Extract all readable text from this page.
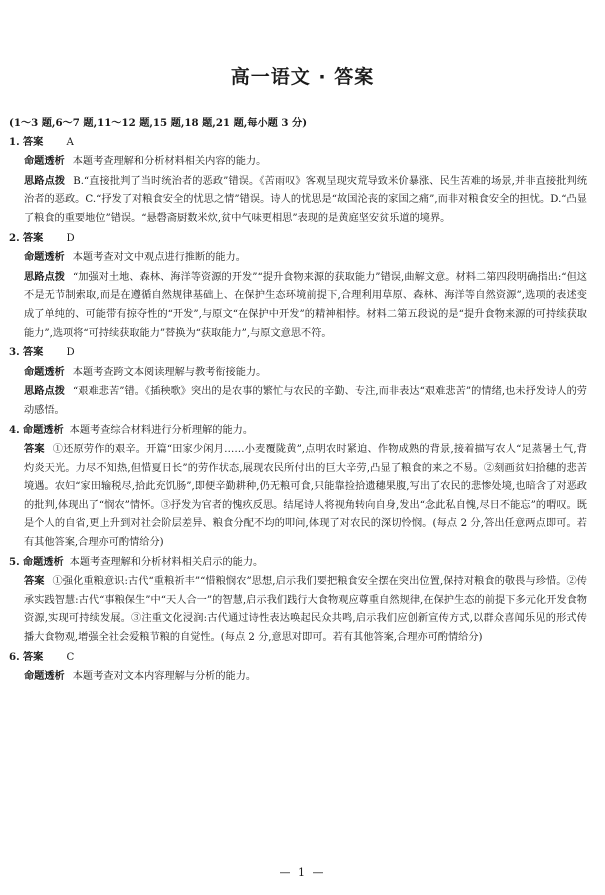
高一语文 · 答案

(1～3 题,6～7 题,11～12 题,15 题,18 题,21 题,每小题 3 分)

1. 答案 A

命题透析 本题考查理解和分析材料相关内容的能力。

思路点拨 B.“直接批判了当时统治者的恶政”错误。《苦雨叹》客观呈现灾荒导致米价暴涨、民生苦难的场景,并非直接批判统治者的恶政。C.“抒发了对粮食安全的忧思之情”错误。诗人的忧思是“故国沦丧的家国之痛”,而非对粮食安全的担忧。D.“凸显了粮食的重要地位”错误。“悬磬斋厨数米炊,贫中气味更相思”表现的是黄庭坚安贫乐道的境界。

2. 答案 D

命题透析 本题考查对文中观点进行推断的能力。

思路点拨 “加强对土地、森林、海洋等资源的开发”“提升食物来源的获取能力”错误,曲解文意。材料二第四段明确指出:“但这不是无节制索取,而是在遵循自然规律基础上、在保护生态环境前提下,合理利用草原、森林、海洋等自然资源”,选项的表述变成了单纯的、可能带有掠夺性的“开发”,与原文“在保护中开发”的精神相悖。材料二第五段说的是“提升食物来源的可持续获取能力”,选项将“可持续获取能力”替换为“获取能力”,与原文意思不符。

3. 答案 D

命题透析 本题考查跨文本阅读理解与教考衔接能力。

思路点拨 “艰难悲苦”错。《插秧歌》突出的是农事的繁忙与农民的辛勤、专注,而非表达“艰难悲苦”的情绪,也未抒发诗人的劳动感悟。

4. 命题透析 本题考查综合材料进行分析理解的能力。

答案 ①还原劳作的艰辛。开篇“田家少闲月……小麦覆陇黄”,点明农时紧迫、作物成熟的背景,接着描写农人“足蒸暑土气,背灼炎天光。力尽不知热,但惜夏日长”的劳作状态,展现农民所付出的巨大辛劳,凸显了粮食的来之不易。②刻画贫妇拾穗的悲苦境遇。农妇“家田输税尽,拾此充饥肠”,即便辛勤耕种,仍无粮可食,只能靠捡拾遗穗果腹,写出了农民的悲惨处境,也暗含了对恶政的批判,体现出了“悯农”情怀。③抒发为官者的愧疚反思。结尾诗人将视角转向自身,发出“念此私自愧,尽日不能忘”的喟叹。既是个人的自省,更上升到对社会阶层差异、粮食分配不均的叩问,体现了对农民的深切怜悯。(每点 2 分,答出任意两点即可。若有其他答案,合理亦可酌情给分)

5. 命题透析 本题考查理解和分析材料相关启示的能力。

答案 ①强化重粮意识:古代“重粮祈丰”“惜粮悯农”思想,启示我们要把粮食安全摆在突出位置,保持对粮食的敬畏与珍惜。②传承实践智慧:古代“事粮保生”中“天人合一”的智慧,启示我们践行大食物观应尊重自然规律,在保护生态的前提下多元化开发食物资源,实现可持续发展。③注重文化浸润:古代通过诗性表达唤起民众共鸣,启示我们应创新宣传方式,以群众喜闻乐见的形式传播大食物观,增强全社会爱粮节粮的自觉性。(每点 2 分,意思对即可。若有其他答案,合理亦可酌情给分)

6. 答案 C

命题透析 本题考查对文本内容理解与分析的能力。

— 1 —
